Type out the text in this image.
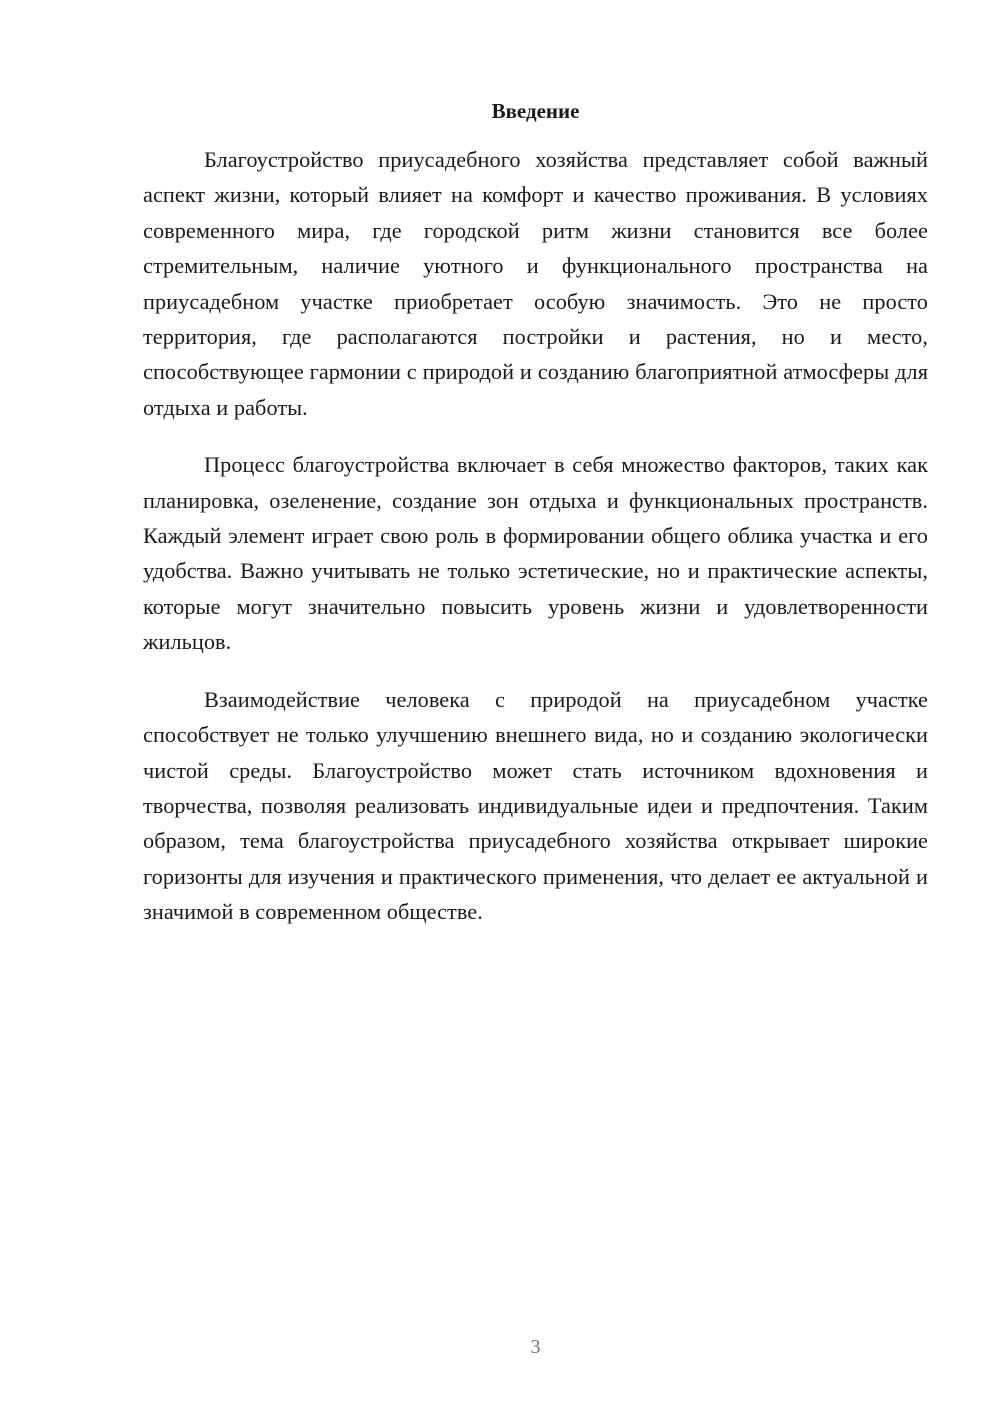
Введение

Благоустройство приусадебного хозяйства представляет собой важный аспект жизни, который влияет на комфорт и качество проживания. В условиях современного мира, где городской ритм жизни становится все более стремительным, наличие уютного и функционального пространства на приусадебном участке приобретает особую значимость. Это не просто территория, где располагаются постройки и растения, но и место, способствующее гармонии с природой и созданию благоприятной атмосферы для отдыха и работы.

Процесс благоустройства включает в себя множество факторов, таких как планировка, озеленение, создание зон отдыха и функциональных пространств. Каждый элемент играет свою роль в формировании общего облика участка и его удобства. Важно учитывать не только эстетические, но и практические аспекты, которые могут значительно повысить уровень жизни и удовлетворенности жильцов.

Взаимодействие человека с природой на приусадебном участке способствует не только улучшению внешнего вида, но и созданию экологически чистой среды. Благоустройство может стать источником вдохновения и творчества, позволяя реализовать индивидуальные идеи и предпочтения. Таким образом, тема благоустройства приусадебного хозяйства открывает широкие горизонты для изучения и практического применения, что делает ее актуальной и значимой в современном обществе.

3
